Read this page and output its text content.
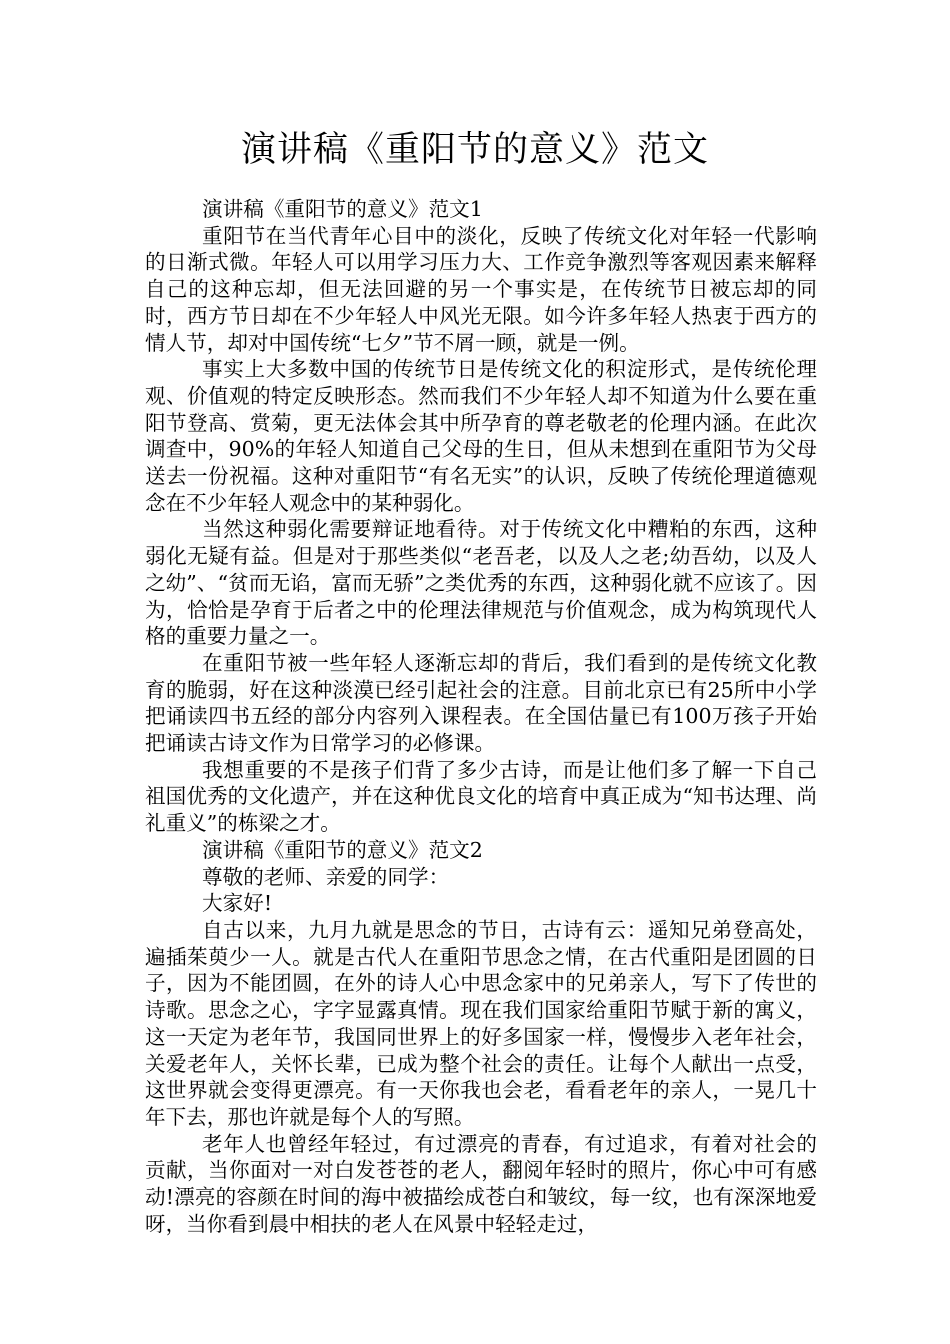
演讲稿《重阳节的意义》范文

演讲稿《重阳节的意义》范文1

重阳节在当代青年心目中的淡化，反映了传统文化对年轻一代影响的日渐式微。年轻人可以用学习压力大、工作竞争激烈等客观因素来解释自己的这种忘却，但无法回避的另一个事实是，在传统节日被忘却的同时，西方节日却在不少年轻人中风光无限。如今许多年轻人热衷于西方的情人节，却对中国传统“七夕”节不屑一顾，就是一例。

事实上大多数中国的传统节日是传统文化的积淀形式，是传统伦理观、价值观的特定反映形态。然而我们不少年轻人却不知道为什么要在重阳节登高、赏菊，更无法体会其中所孕育的尊老敬老的伦理内涵。在此次调查中，90%的年轻人知道自己父母的生日，但从未想到在重阳节为父母送去一份祝福。这种对重阳节“有名无实”的认识，反映了传统伦理道德观念在不少年轻人观念中的某种弱化。

当然这种弱化需要辩证地看待。对于传统文化中糟粕的东西，这种弱化无疑有益。但是对于那些类似“老吾老，以及人之老;幼吾幼，以及人之幼”、“贫而无谄，富而无骄”之类优秀的东西，这种弱化就不应该了。因为，恰恰是孕育于后者之中的伦理法律规范与价值观念，成为构筑现代人格的重要力量之一。

在重阳节被一些年轻人逐渐忘却的背后，我们看到的是传统文化教育的脆弱，好在这种淡漠已经引起社会的注意。目前北京已有25所中小学把诵读四书五经的部分内容列入课程表。在全国估量已有100万孩子开始把诵读古诗文作为日常学习的必修课。

我想重要的不是孩子们背了多少古诗，而是让他们多了解一下自己祖国优秀的文化遗产，并在这种优良文化的培育中真正成为“知书达理、尚礼重义”的栋梁之才。

演讲稿《重阳节的意义》范文2

尊敬的老师、亲爱的同学：

大家好!

自古以来，九月九就是思念的节日，古诗有云：遥知兄弟登高处，遍插茱萸少一人。就是古代人在重阳节思念之情，在古代重阳是团圆的日子，因为不能团圆，在外的诗人心中思念家中的兄弟亲人，写下了传世的诗歌。思念之心，字字显露真情。现在我们国家给重阳节赋于新的寓义，这一天定为老年节，我国同世界上的好多国家一样，慢慢步入老年社会，关爱老年人，关怀长辈，已成为整个社会的责任。让每个人献出一点受，这世界就会变得更漂亮。有一天你我也会老，看看老年的亲人，一晃几十年下去，那也许就是每个人的写照。

老年人也曾经年轻过，有过漂亮的青春，有过追求，有着对社会的贡献，当你面对一对白发苍苍的老人，翻阅年轻时的照片，你心中可有感动!漂亮的容颜在时间的海中被描绘成苍白和皱纹，每一纹，也有深深地爱呀，当你看到晨中相扶的老人在风景中轻轻走过，
